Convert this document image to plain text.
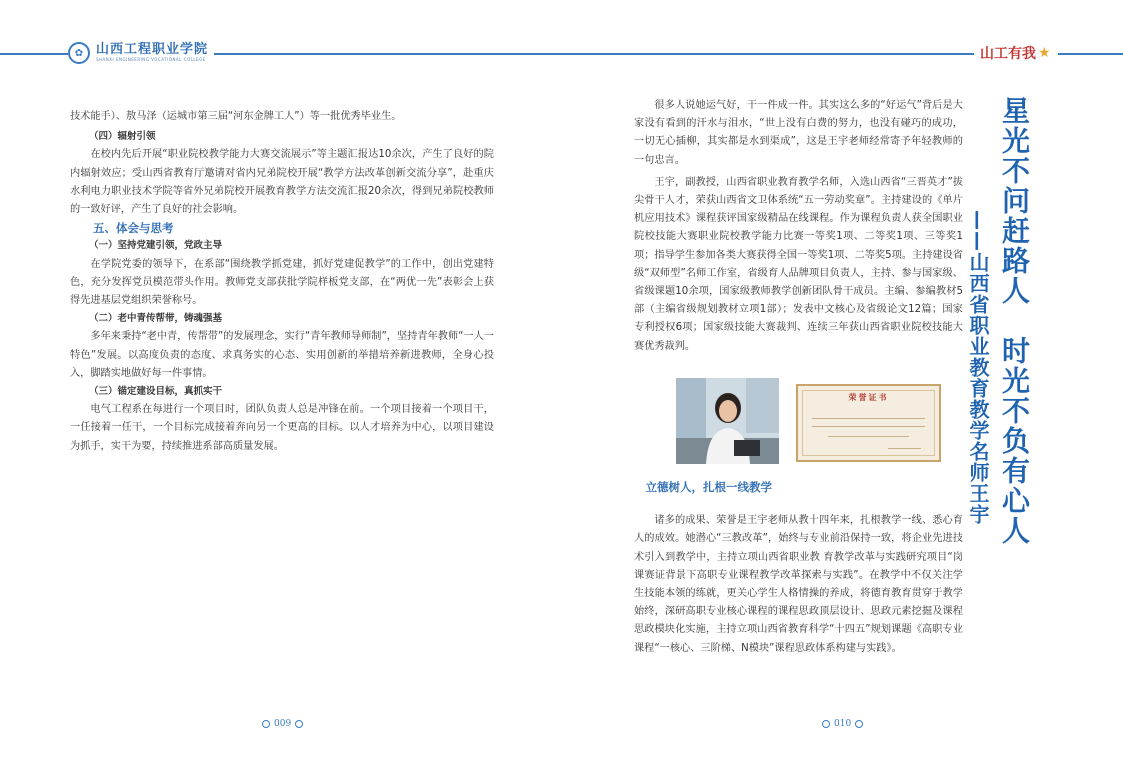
✿ 山西工程职业学院
SHANXI ENGINEERING VOCATIONAL COLLEGE	山工有我 ★

技术能手）、敖马泽（运城市第三届“河东金牌工人”）等一批优秀毕业生。

（四）辐射引领

在校内先后开展“职业院校教学能力大赛交流展示”等主题汇报达10余次，产生了良好的院内辐射效应；受山西省教育厅邀请对省内兄弟院校开展“教学方法改革创新交流分享”，赴重庆水利电力职业技术学院等省外兄弟院校开展教育教学方法交流汇报20余次，得到兄弟院校教师的一致好评，产生了良好的社会影响。

五、体会与思考

（一）坚持党建引领，党政主导

在学院党委的领导下，在系部“围绕教学抓党建，抓好党建促教学”的工作中，创出党建特色，充分发挥党员模范带头作用。教师党支部获批学院样板党支部，在“两优一先”表彰会上获得先进基层党组织荣誉称号。

（二）老中青传帮带，铸魂强基

多年来秉持“老中青，传帮带”的发展理念，实行“青年教师导师制”，坚持青年教师“一人一特色”发展。以高度负责的态度、求真务实的心态、实用创新的举措培养新进教师，全身心投入，脚踏实地做好每一件事情。

（三）锚定建设目标，真抓实干

电气工程系在每进行一个项目时，团队负责人总是冲锋在前。一个项目接着一个项目干，一任接着一任干，一个目标完成接着奔向另一个更高的目标。以人才培养为中心，以项目建设为抓手，实干为要，持续推进系部高质量发展。

很多人说她运气好，干一件成一件。其实这么多的“好运气”背后是大家没有看到的汗水与泪水，“世上没有白费的努力，也没有碰巧的成功，一切无心插柳，其实都是水到渠成”，这是王宇老师经常寄予年轻教师的一句忠言。

王宇，副教授，山西省职业教育教学名师，入选山西省“三晋英才”拔尖骨干人才，荣获山西省文卫体系统“五一劳动奖章”。主持建设的《单片机应用技术》课程获评国家级精品在线课程。作为课程负责人获全国职业院校技能大赛职业院校教学能力比赛一等奖1项、二等奖1项、三等奖1项；指导学生参加各类大赛获得全国一等奖1项、二等奖5项。主持建设省级“双师型”名师工作室，省级育人品牌项目负责人，主持、参与国家级、省级课题10余项，国家级教师教学创新团队骨干成员。主编、参编教材5部（主编省级规划教材立项1部）；发表中文核心及省级论文12篇；国家专利授权6项；国家级技能大赛裁判、连续三年获山西省职业院校技能大赛优秀裁判。

荣誉证书

立德树人，扎根一线教学

诸多的成果、荣誉是王宇老师从教十四年来，扎根教学一线、悉心育人的成效。她潜心“三教改革”，始终与专业前沿保持一致，将企业先进技术引入到教学中，主持立项山西省职业教 育教学改革与实践研究项目“岗课赛证背景下高职专业课程教学改革探索与实践”。在教学中不仅关注学生技能本领的练就，更关心学生人格情操的养成，将德育教育贯穿于教学始终，深研高职专业核心课程的课程思政顶层设计、思政元素挖掘及课程思政模块化实施，主持立项山西省教育科学“十四五”规划课题《高职专业课程“一核心、三阶梯、N模块”课程思政体系构建与实践》。

星光不问赶路人　时光不负有心人
——山西省职业教育教学名师王宇
009	010
